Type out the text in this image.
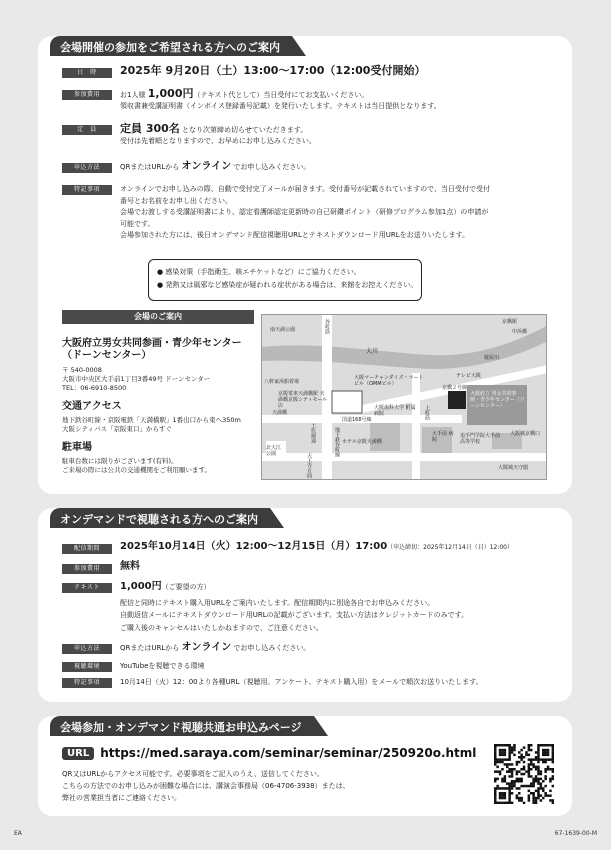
会場開催の参加をご希望される方へのご案内
日　時	2025年 9月20日（土）13:00〜17:00（12:00受付開始）
参加費用	お1人様 1,000円（テキスト代として）当日受付にてお支払いください。
領収書兼受講証明書（インボイス登録番号記載）を発行いたします。テキストは当日提供となります。
定　員	定員 300名 となり次第締め切らせていただきます。
受付は先着順となりますので、お早めにお申し込みください。
申込方法	QRまたはURLから オンライン でお申し込みください。
特記事項	オンラインでお申し込みの際、自動で受付完了メールが届きます。受付番号が記載されていますので、当日受付で受付
番号とお名前をお申し出ください。
会場でお渡しする受講証明書により、認定看護師認定更新時の自己研鑽ポイント（研修プログラム参加1点）の申請が
可能です。
会場参加された方には、後日オンデマンド配信視聴用URLとテキストダウンロード用URLをお送りいたします。
● 感染対策（手指衛生、咳エチケットなど）にご協力ください。
● 発熱又は風邪など感染症が疑われる症状がある場合は、来館をお控えください。
会場のご案内
大阪府立男女共同参画・青少年センター（ドーンセンター）
〒 540-0008
大阪市中央区大手前1丁目3番49号 ドーンセンター
TEL：06-6910-8500
交通アクセス
地下鉄谷町線・京阪電鉄「天満橋駅」1番出口から東へ350m
大阪シティバス「京阪東口」からすぐ
駐車場
駐車台数には限りがございます(有料)。
ご来場の際には公共の交通機関をご利用願います。
南天満公園
大川
八軒家浜船着場
京阪電車天満橋駅 天満橋京阪シティモール店
天満橋
谷町筋
大阪マーチャンダイズ・マートビル（OMMビル）
京橋駅
中浜橋
寝屋川
テレビ大阪
京橋２号線
国道168号線
大阪歯科大学 附属病院
大阪府立 男女共同参画・青少年センター（ドーンセンター）
上町筋
ホテル京阪天満橋
大手前 病院
追手門学院大手前 高等学校
大阪城京橋口
大阪城天守閣
土佐堀通
北大江 公園	天王寺方面
地下鉄谷町線
オンデマンドで視聴される方へのご案内
配信期間	2025年10月14日（火）12:00〜12月15日（月）17:00（申込締切：2025年12月14日（日）12:00）
参加費用	無料
テキスト	1,000円（ご要望の方）
配信と同時にテキスト購入用URLをご案内いたします。配信期間内に別途各自でお申込みください。
自動返信メールにテキストダウンロード用URLの記載がございます。支払い方法はクレジットカードのみです。
ご購入後のキャンセルはいたしかねますので、ご注意ください。
申込方法	QRまたはURLから オンライン でお申し込みください。
視聴環境	YouTubeを視聴できる環境
特記事項	10月14日（火）12：00より各種URL（視聴用、アンケート、テキスト購入用）をメールで順次お送りいたします。
会場参加・オンデマンド視聴共通お申込みページ
URL https://med.saraya.com/seminar/seminar/250920o.html
QR又はURLからアクセス可能です。必要事項をご記入のうえ、送信してください。
こちらの方法でのお申し込みが困難な場合には、講演会事務局（06-4706-3938）または、
弊社の営業担当者にご連絡ください。
EA	67-1639-00-M
